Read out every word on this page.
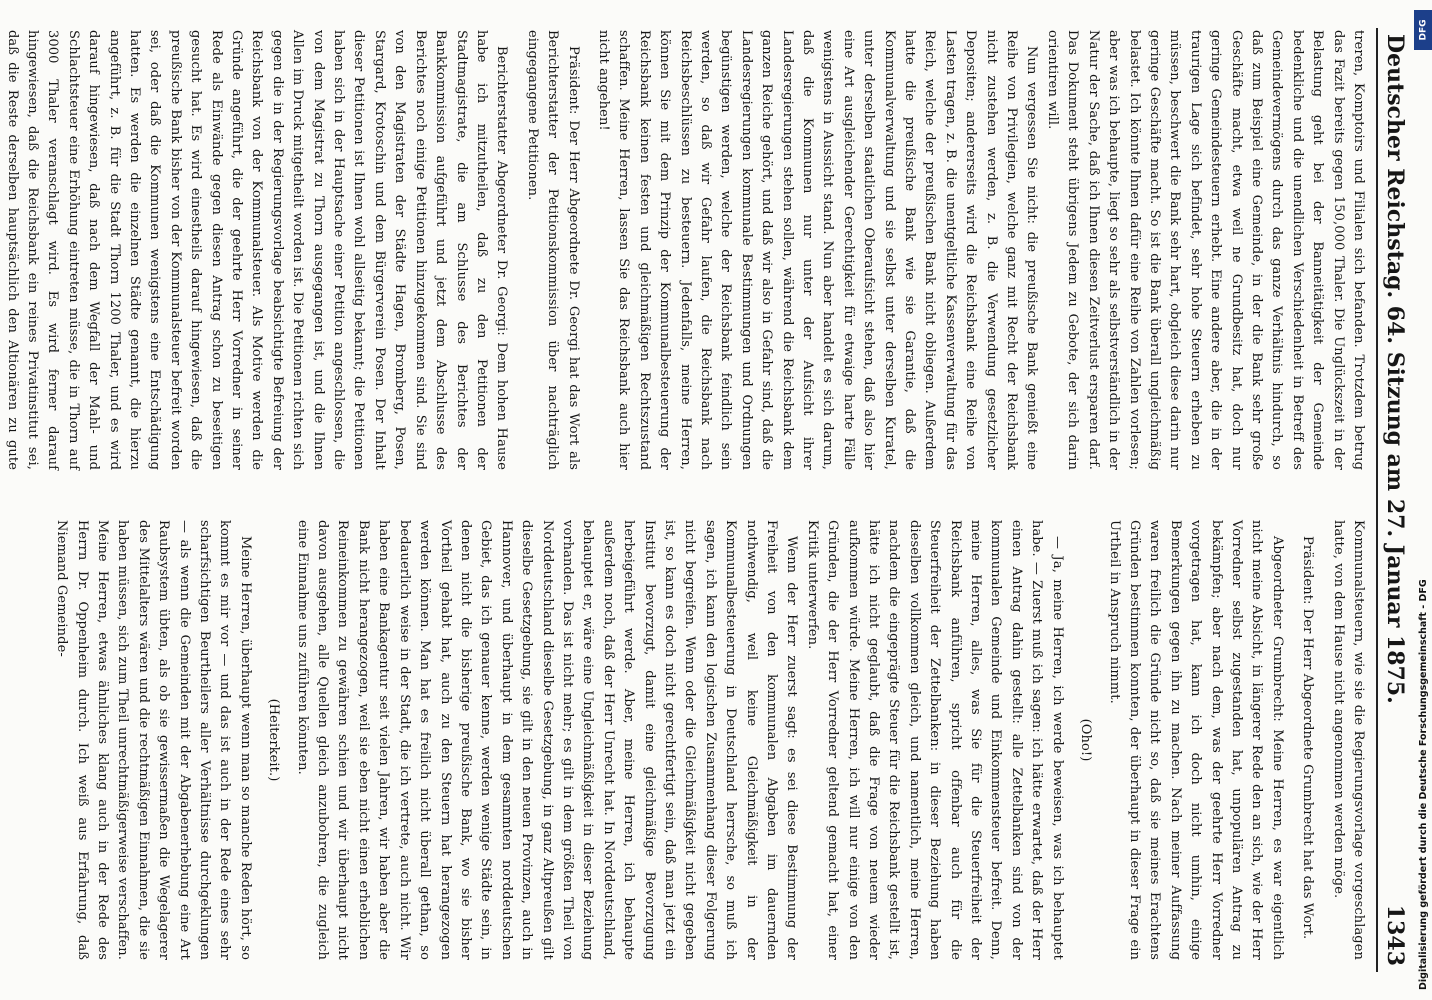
Deutscher Reichstag. 64. Sitzung am 27. Januar 1875.
1343

treren, Komptoirs und Filialen sich befanden. Trotzdem betrug das Fazit bereits gegen 150,000 Thaler. Die Unglückszeit in der Belastung geht bei der Banneitätigkeit der Gemeinde bedenkliche und die unendlichen Verschiedenheit in Betreff des Gemeindevermögens durch das ganze Verhältnis hindurch, so daß zum Beispiel eine Gemeinde, in der die Bank sehr große Geschäfte macht, etwa weil ne Grundbesitz hat, doch nur geringe Gemeindesteuern erhebt. Eine andere aber, die in der traurigen Lage sich befindet, sehr hohe Steuern erheben zu müssen, beschwert die Bank sehr hart, obgleich diese darin nur geringe Geschäfte macht. So ist die Bank überall ungleichmäßig belastet. Ich könnte Ihnen dafür eine Reihe von Zahlen vorlesen; aber was ich behaupte, liegt so sehr als selbstverständlich in der Natur der Sache, daß ich Ihnen diesen Zeitverlust ersparen darf. Das Dokument steht übrigens Jedem zu Gebote, der sich darin orientiren will.

Nun vergessen Sie nicht: die preußische Bank genießt eine Reihe von Privilegien, welche ganz mit Recht der Reichsbank nicht zustehen werden, z. B. die Verwendung gesetzlicher Depositen; andererseits wird die Reichsbank eine Reihe von Lasten tragen, z. B. die unentgeltliche Kassenverwaltung für das Reich, welche der preußischen Bank nicht obliegen. Außerdem hatte die preußische Bank wie sie Garantie, daß die Kommunalverwaltung und sie selbst unter derselben Kuratel, unter derselben staatlichen Oberaufsicht stehen, daß also hier eine Art ausgleichender Gerechtigkeit für etwaige harte Fälle wenigstens in Aussicht stand. Nun aber handelt es sich darum, daß die Kommunen nur unter der Aufsicht ihrer Landesregierungen stehen sollen, während die Reichsbank dem ganzen Reiche gehört, und daß wir also in Gefahr sind, daß die Landesregierungen kommunale Bestimmungen und Ordnungen begünstigen werden, welche der Reichsbank feindlich sein werden, so daß wir Gefahr laufen, die Reichsbank nach Reichsbeschlüssen zu besteuern. Jedenfalls, meine Herren, können Sie mit dem Prinzip der Kommunalbesteuerung der Reichsbank keinen festen und gleichmäßigen Rechtszustand schaffen. Meine Herren, lassen Sie das Reichsbank auch hier nicht angehen!

Präsident: Der Herr Abgeordnete Dr. Georgi hat das Wort als Berichterstatter der Petitionskommission über nachträglich eingegangene Petitionen.

Berichterstatter Abgeordneter Dr. Georgi: Dem hohen Hause habe ich mitzutheilen, daß zu den Petitionen der Stadtmagistrate, die am Schlusse des Berichtes der Bankkommission aufgeführt und jetzt dem Abschlusse des Berichtes noch einige Petitionen hinzugekommen sind. Sie sind von den Magistraten der Städte Hagen, Bromberg, Posen, Stargard, Krotoschin und dem Bürgerverein Posen. Der Inhalt dieser Petitionen ist Ihnen wohl allseitig bekannt; die Petitionen haben sich in der Hauptsache einer Petition angeschlossen, die von dem Magistrat zu Thorn ausgegangen ist, und die Ihnen Allen im Druck mitgetheilt worden ist. Die Petitionen richten sich gegen die in der Regierungsvorlage beabsichtigte Befreiung der Reichsbank von der Kommunalsteuer. Als Motive werden die Gründe angeführt, die der geehrte Herr Vorredner in seiner Rede als Einwände gegen diesen Antrag schon zu beseitigen gesucht hat. Es wird einestheils darauf hingewiesen, daß die preußische Bank bisher von der Kommunalsteuer befreit worden sei, oder daß die Kommunen wenigstens eine Entschädigung hatten. Es werden die einzelnen Städte genannt, die hierzu angeführt, z. B. für die Stadt Thorn 1200 Thaler, und es wird darauf hingewiesen, daß nach dem Wegfall der Mahl- und Schlachtsteuer eine Erhöhung eintreten müsse, die in Thorn auf 3000 Thaler veranschlagt wird. Es wird ferner darauf hingewiesen, daß die Reichsbank ein reines Privatinstitut sei, daß die Reste derselben hauptsächlich den Altionären zu gute

Kommunalsteuern, wie sie die Regierungsvorlage vorgeschlagen hatte, von dem Hause nicht angenommen werden möge.

Präsident: Der Herr Abgeordnete Grumbrecht hat das Wort.

Abgeordneter Grumbrecht: Meine Herren, es war eigentlich nicht meine Absicht, in längerer Rede den an sich, wie der Herr Vorredner selbst zugestanden hat, unpopulären Antrag zu bekämpfen; aber nach dem, was der geehrte Herr Vorredner vorgetragen hat, kann ich doch nicht umhin, einige Bemerkungen gegen ihn zu machen. Nach meiner Auffassung waren freilich die Gründe nicht so, daß sie meines Erachtens Gründen bestimmen konnten, der überhaupt in dieser Frage ein Urtheil in Anspruch nimmt.

(Oho!)

— Ja, meine Herren, ich werde beweisen, was ich behauptet habe. — Zuerst muß ich sagen: ich hätte erwartet, daß der Herr einen Antrag dahin gestellt: alle Zettelbanken sind von der kommunalen Gemeinde und Einkommensteuer befreit. Denn, meine Herren, alles, was Sie für die Steuerfreiheit der Reichsbank anführen, spricht offenbar auch für die Steuerfreiheit der Zettelbanken: in dieser Beziehung haben dieselben vollkommen gleich, und namentlich, meine Herren, nachdem die eingeprägte Steuer für die Reichsbank gestellt ist, hätte ich nicht geglaubt, daß die Frage von neuem wieder aufkommen würde. Meine Herren, ich will nur einige von den Gründen, die der Herr Vorredner geltend gemacht hat, einer Kritik unterwerfen.

Wenn der Herr zuerst sagt: es sei diese Bestimmung der Freiheit von den kommunalen Abgaben im dauernden nothwendig, weil keine Gleichmäßigkeit in der Kommunalbesteuerung in Deutschland herrsche, so muß ich sagen, ich kann den logischen Zusammenhang dieser Folgerung nicht begreifen. Wenn oder die Gleichmäßigkeit nicht gegeben ist, so kann es doch nicht gerechtfertigt sein, daß man jetzt ein Institut bevorzugt, damit eine gleichmäßige Bevorzugung herbeigeführt werde. Aber, meine Herren, ich behaupte außerdem noch, daß der Herr Unrecht hat. In Norddeutschland, behauptet er, wäre eine Ungleichmäßigkeit in dieser Beziehung vorhanden. Das ist nicht mehr; es gilt in dem größten Theil von Norddeutschland dieselbe Gesetzgebung, in ganz Altpreußen gilt dieselbe Gesetzgebung, sie gilt in den neuen Provinzen, auch in Hannover, und überhaupt in dem gesammten norddeutschen Gebiet, das ich genauer kenne, werden wenige Städte sein, in denen nicht die bisherige preußische Bank, wo sie bisher Vortheil gehabt hat, auch zu den Steuern hat herangezogen werden können. Man hat es freilich nicht überall gethan, so bedauerlich weise in der Stadt, die ich vertrete, auch nicht. Wir haben eine Bankagentur seit vielen Jahren, wir haben aber die Bank nicht herangezogen, weil sie eben nicht einen erheblichen Reineinkommen zu gewähren schien und wir überhaupt nicht davon ausgehen, alle Quellen gleich anzubohren, die zugleich eine Einnahme uns zuführen könnten.

(Heiterkeit.)

Meine Herren, überhaupt wenn man so manche Reden hört, so kommt es mir vor — und das ist auch in der Rede eines sehr scharfsichtigen Beurtheilers aller Verhältnisse durchgeklungen — als wenn die Gemeinden mit der Abgabenerhebung eine Art Raubsystem übten, als ob sie gewissermaßen die Wegelagerer des Mittelalters wären und die rechtmäßigen Einnahmen, die sie haben müssen, sich zum Theil unrechtmäßigerweise verschaffen. Meine Herren, etwas ähnliches klang auch in der Rede des Herrn Dr. Oppenheim durch. Ich weiß aus Erfahrung, daß Niemand Gemeinde-	Digitalisierung gefördert durch die Deutsche Forschungsgemeinschaft - DFG
DFG
